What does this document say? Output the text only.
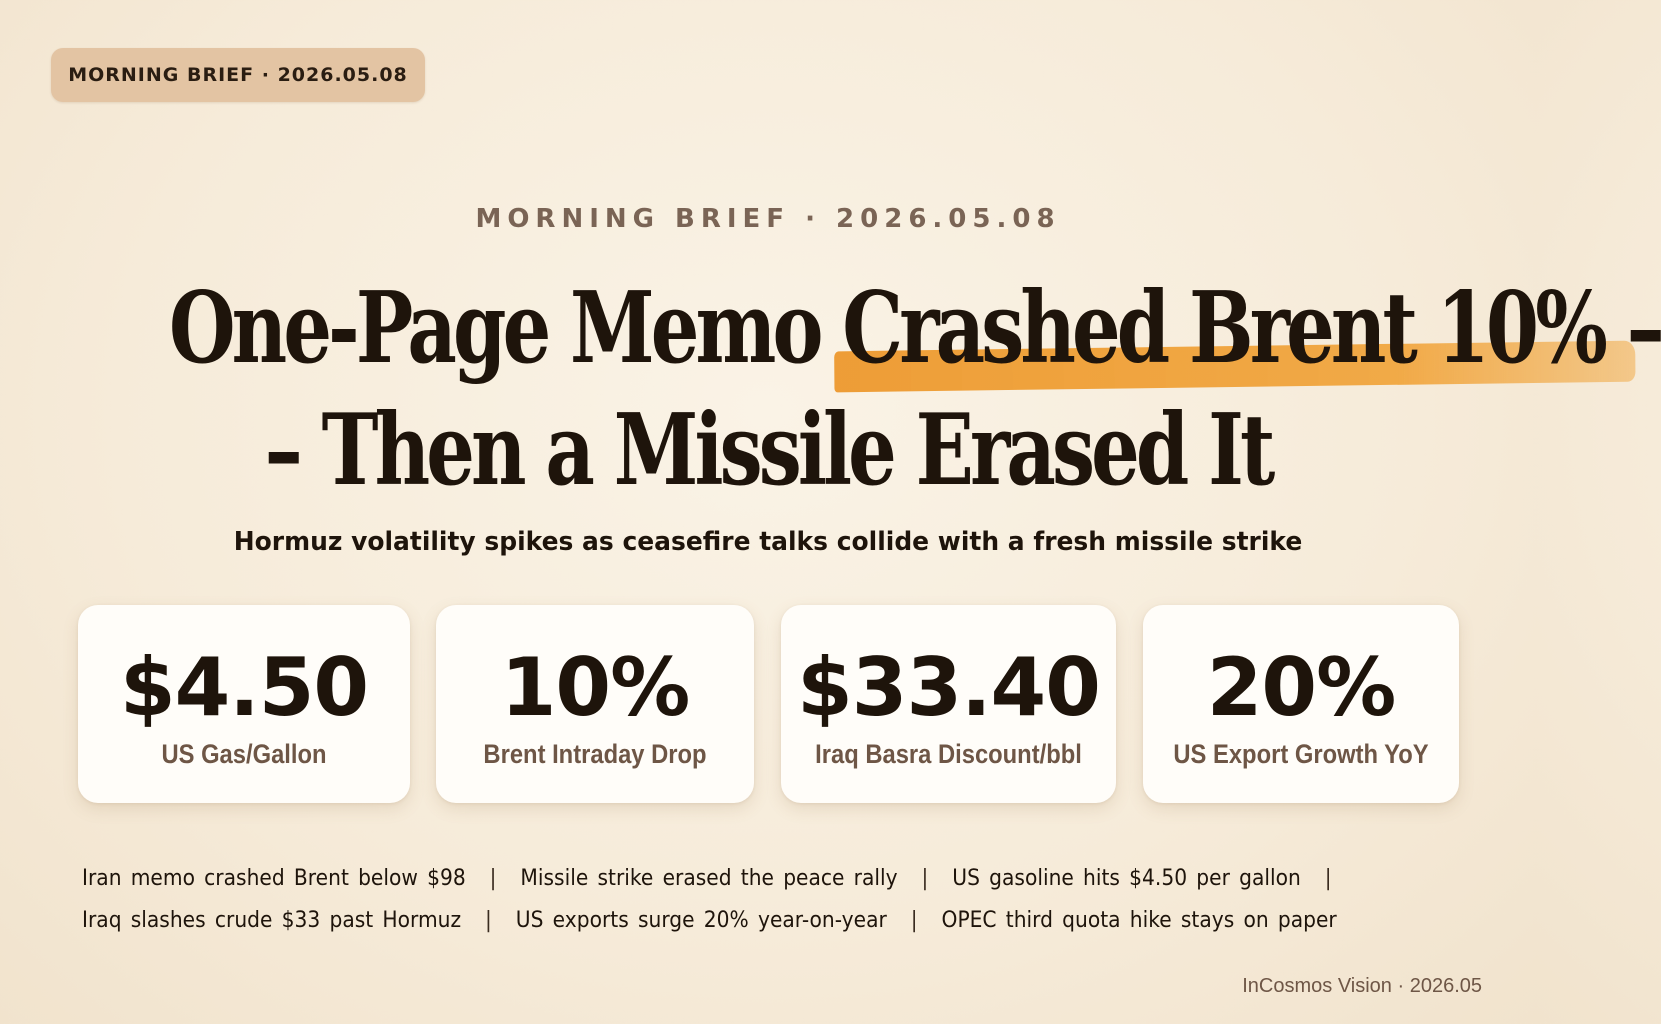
MORNING BRIEF · 2026.05.08
MORNING BRIEF · 2026.05.08
One-Page Memo Crashed Brent 10% –
– Then a Missile Erased It
Hormuz volatility spikes as ceasefire talks collide with a fresh missile strike
$4.50
US Gas/Gallon
10%
Brent Intraday Drop
$33.40
Iraq Basra Discount/bbl
20%
US Export Growth YoY
Iran memo crashed Brent below $98 | Missile strike erased the peace rally | US gasoline hits $4.50 per gallon |
Iraq slashes crude $33 past Hormuz | US exports surge 20% year-on-year | OPEC third quota hike stays on paper
InCosmos Vision · 2026.05
